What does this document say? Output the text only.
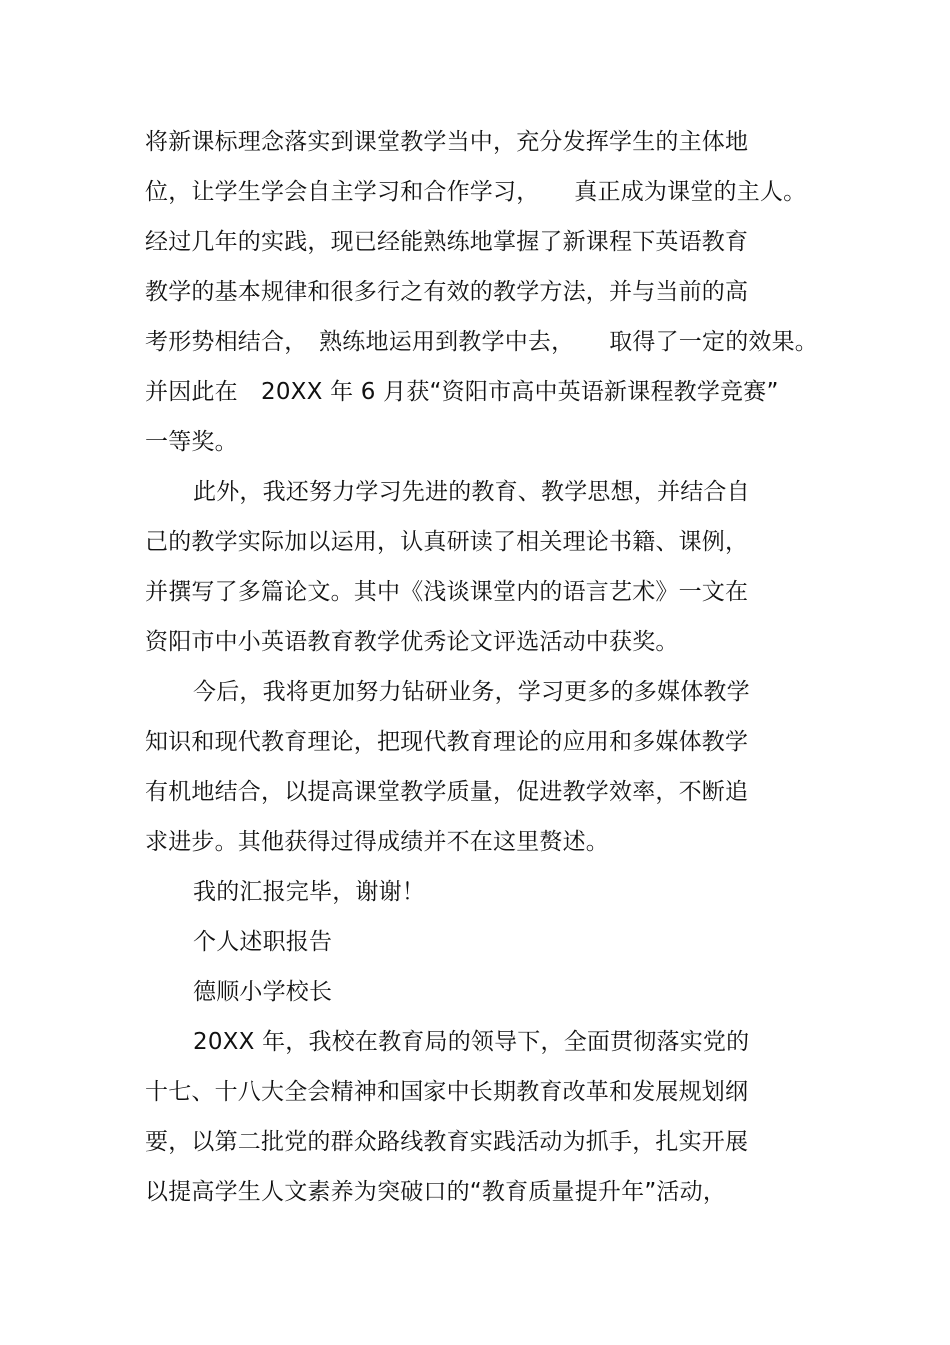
将新课标理念落实到课堂教学当中，充分发挥学生的主体地
位，让学生学会自主学习和合作学习，　　真正成为课堂的主人。
经过几年的实践，现已经能熟练地掌握了新课程下英语教育
教学的基本规律和很多行之有效的教学方法，并与当前的高
考形势相结合，　熟练地运用到教学中去，　　取得了一定的效果。
并因此在　20XX 年 6 月获“资阳市高中英语新课程教学竞赛”
一等奖。
此外，我还努力学习先进的教育、教学思想，并结合自
己的教学实际加以运用，认真研读了相关理论书籍、课例，
并撰写了多篇论文。其中《浅谈课堂内的语言艺术》一文在
资阳市中小英语教育教学优秀论文评选活动中获奖。
今后，我将更加努力钻研业务，学习更多的多媒体教学
知识和现代教育理论，把现代教育理论的应用和多媒体教学
有机地结合，以提高课堂教学质量，促进教学效率，不断追
求进步。其他获得过得成绩并不在这里赘述。
我的汇报完毕，谢谢！
个人述职报告
德顺小学校长
20XX 年，我校在教育局的领导下，全面贯彻落实党的
十七、十八大全会精神和国家中长期教育改革和发展规划纲
要，以第二批党的群众路线教育实践活动为抓手，扎实开展
以提高学生人文素养为突破口的“教育质量提升年”活动，
